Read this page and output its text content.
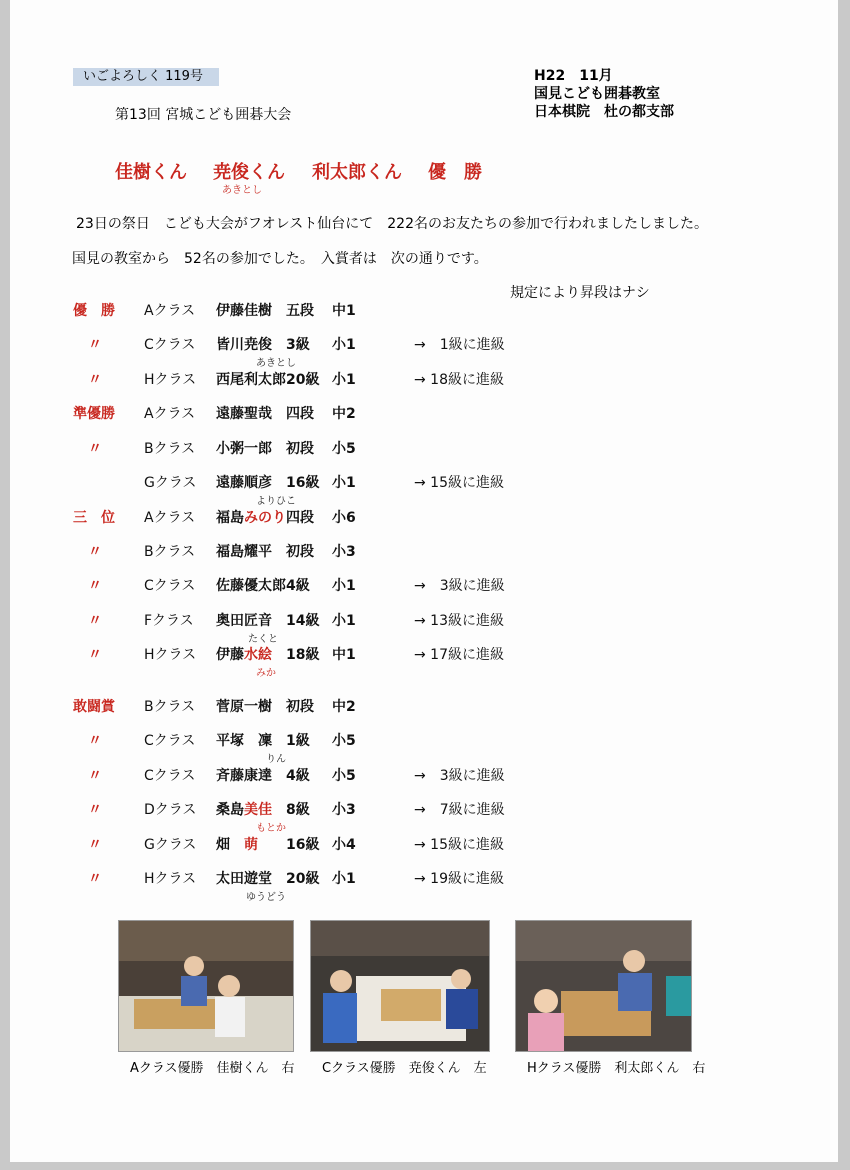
いごよろしく 119号
第13回 宮城こども囲碁大会
H22　11月
国見こども囲碁教室
日本棋院　杜の都支部
佳樹くん 尭俊くん
あきとし
利太郎くん 優　勝
23日の祭日　こども大会がフオレスト仙台にて　222名のお友たちの参加で行われましたしました。
国見の教室から　52名の参加でした。　入賞者は　次の通りです。
規定により昇段はナシ
優　勝 Aクラス 伊藤佳樹 五段 中1
〃	Cクラス 皆川尭俊 3級 小1	→　1級に進級
あきとし
〃	Hクラス 西尾利太郎 20級 小1	→ 18級に進級
準優勝 Aクラス 遠藤聖哉 四段 中2
〃	Bクラス 小粥一郎 初段 小5
Gクラス 遠藤順彦 16級 小1	→ 15級に進級
よりひこ
三　位 Aクラス 福島みのり 四段 小6
〃	Bクラス 福島耀平 初段 小3
〃	Cクラス 佐藤優太郎 4級 小1	→　3級に進級
〃	Fクラス 奥田匠音 14級 小1	→ 13級に進級
たくと
〃	Hクラス 伊藤水絵 18級 中1	→ 17級に進級
みか
敢闘賞 Bクラス 菅原一樹 初段 中2
〃	Cクラス 平塚　凜 1級 小5
りん
〃	Cクラス 斉藤康達 4級 小5	→　3級に進級
〃	Dクラス 桑島美佳 8級 小3	→　7級に進級
もとか
〃	Gクラス 畑　萌 16級 小4	→ 15級に進級
〃	Hクラス 太田遊堂 20級 小1	→ 19級に進級
ゆうどう
Aクラス優勝　佳樹くん　右 Cクラス優勝　尭俊くん　左	Hクラス優勝　利太郎くん　右
